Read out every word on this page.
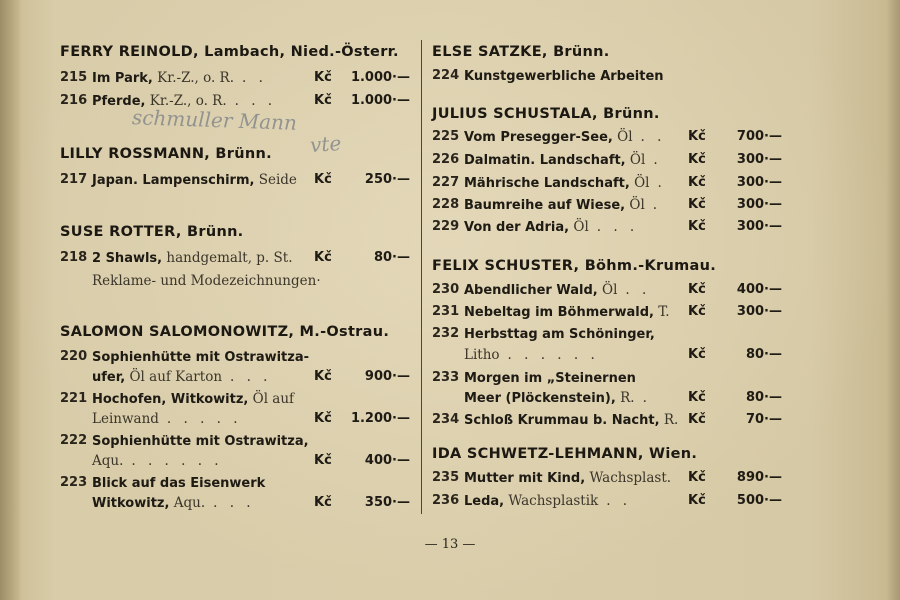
FERRY REINOLD, Lambach, Nied.-Österr.
215 Im Park, Kr.-Z., o. R. . .	Kč 1.000·—
216 Pferde, Kr.-Z., o. R. . . .	Kč 1.000·—
schmuller Mann
vte
LILLY ROSSMANN, Brünn.
217 Japan. Lampenschirm, Seide Kč	250·—
SUSE ROTTER, Brünn.
218 2 Shawls, handgemalt, p. St. Kč	80·—
Reklame- und Modezeichnungen·
SALOMON SALOMONOWITZ, M.-Ostrau.
220 Sophienhütte mit Ostrawitza-
ufer, Öl auf Karton . . .	Kč	900·—
221 Hochofen, Witkowitz, Öl auf
Leinwand . . . . .	Kč 1.200·—
222 Sophienhütte mit Ostrawitza,
Aqu. . . . . . .	Kč	400·—
223 Blick auf das Eisenwerk
Witkowitz, Aqu. . . .	Kč	350·—
ELSE SATZKE, Brünn.
224 Kunstgewerbliche Arbeiten
JULIUS SCHUSTALA, Brünn.
225 Vom Presegger-See, Öl . . Kč 700·—
226 Dalmatin. Landschaft, Öl . Kč 300·—
227 Mährische Landschaft, Öl . Kč 300·—
228 Baumreihe auf Wiese, Öl . Kč 300·—
229 Von der Adria, Öl . . .	Kč 300·—
FELIX SCHUSTER, Böhm.-Krumau.
230 Abendlicher Wald, Öl . .	Kč 400·—
231 Nebeltag im Böhmerwald, T. Kč 300·—
232 Herbsttag am Schöninger,
Litho . . . . . .	Kč	80·—
233 Morgen im „Steinernen
Meer (Plöckenstein), R. .	Kč	80·—
234 Schloß Krummau b. Nacht, R. Kč	70·—
IDA SCHWETZ-LEHMANN, Wien.
235 Mutter mit Kind, Wachsplast. Kč 890·—
236 Leda, Wachsplastik . .	Kč 500·—
— 13 —
